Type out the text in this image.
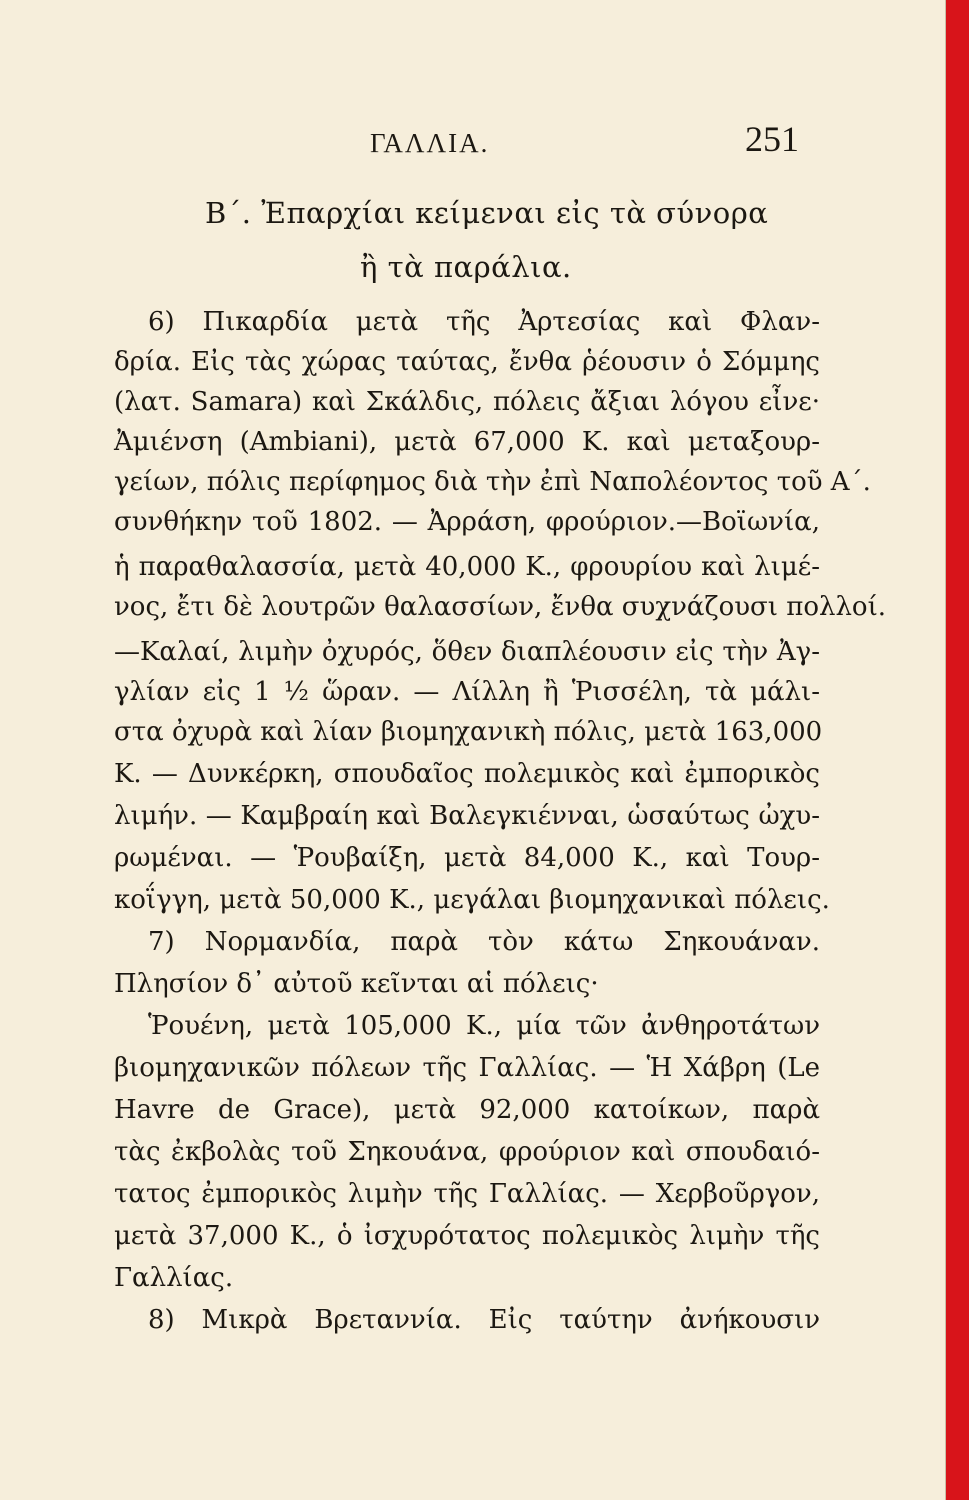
ΓΑΛΛΙΑ.	251
Β΄. Ἐπαρχίαι κείμεναι εἰς τὰ σύνορα
ἢ τὰ παράλια.
6) Πικαρδία μετὰ τῆς Ἀρτεσίας καὶ Φλαν-
δρία. Εἰς τὰς χώρας ταύτας, ἔνθα ῥέουσιν ὁ Σόμμης
(λατ. Samara) καὶ Σκάλδις, πόλεις ἄξιαι λόγου εἶνε·
Ἀμιένση (Ambiani), μετὰ 67,000 Κ. καὶ μεταξουρ-
γείων, πόλις περίφημος διὰ τὴν ἐπὶ Ναπολέοντος τοῦ Α΄.
συνθήκην τοῦ 1802. — Ἀρράση, φρούριον.—Βοϊωνία,
ἡ παραθαλασσία, μετὰ 40,000 Κ., φρουρίου καὶ λιμέ-
νος, ἔτι δὲ λουτρῶν θαλασσίων, ἔνθα συχνάζουσι πολλοί.
—Καλαί, λιμὴν ὀχυρός, ὅθεν διαπλέουσιν εἰς τὴν Ἀγ-
γλίαν εἰς 1 ½ ὥραν. — Λίλλη ἢ Ῥισσέλη, τὰ μάλι-
στα ὀχυρὰ καὶ λίαν βιομηχανικὴ πόλις, μετὰ 163,000
Κ. — Δυνκέρκη, σπουδαῖος πολεμικὸς καὶ ἐμπορικὸς
λιμήν. — Καμβραίη καὶ Βαλεγκιένναι, ὡσαύτως ὠχυ-
ρωμέναι. — Ῥουβαίξη, μετὰ 84,000 Κ., καὶ Τουρ-
κοΐγγη, μετὰ 50,000 Κ., μεγάλαι βιομηχανικαὶ πόλεις.
7) Νορμανδία, παρὰ τὸν κάτω Σηκουάναν.
Πλησίον δ᾽ αὐτοῦ κεῖνται αἱ πόλεις·
Ῥουένη, μετὰ 105,000 Κ., μία τῶν ἀνθηροτάτων
βιομηχανικῶν πόλεων τῆς Γαλλίας. — Ἡ Χάβρη (Le
Havre de Grace), μετὰ 92,000 κατοίκων, παρὰ
τὰς ἐκβολὰς τοῦ Σηκουάνα, φρούριον καὶ σπουδαιό-
τατος ἐμπορικὸς λιμὴν τῆς Γαλλίας. — Χερβοῦργον,
μετὰ 37,000 Κ., ὁ ἰσχυρότατος πολεμικὸς λιμὴν τῆς
Γαλλίας.
8) Μικρὰ Βρεταννία. Εἰς ταύτην ἀνήκουσιν
